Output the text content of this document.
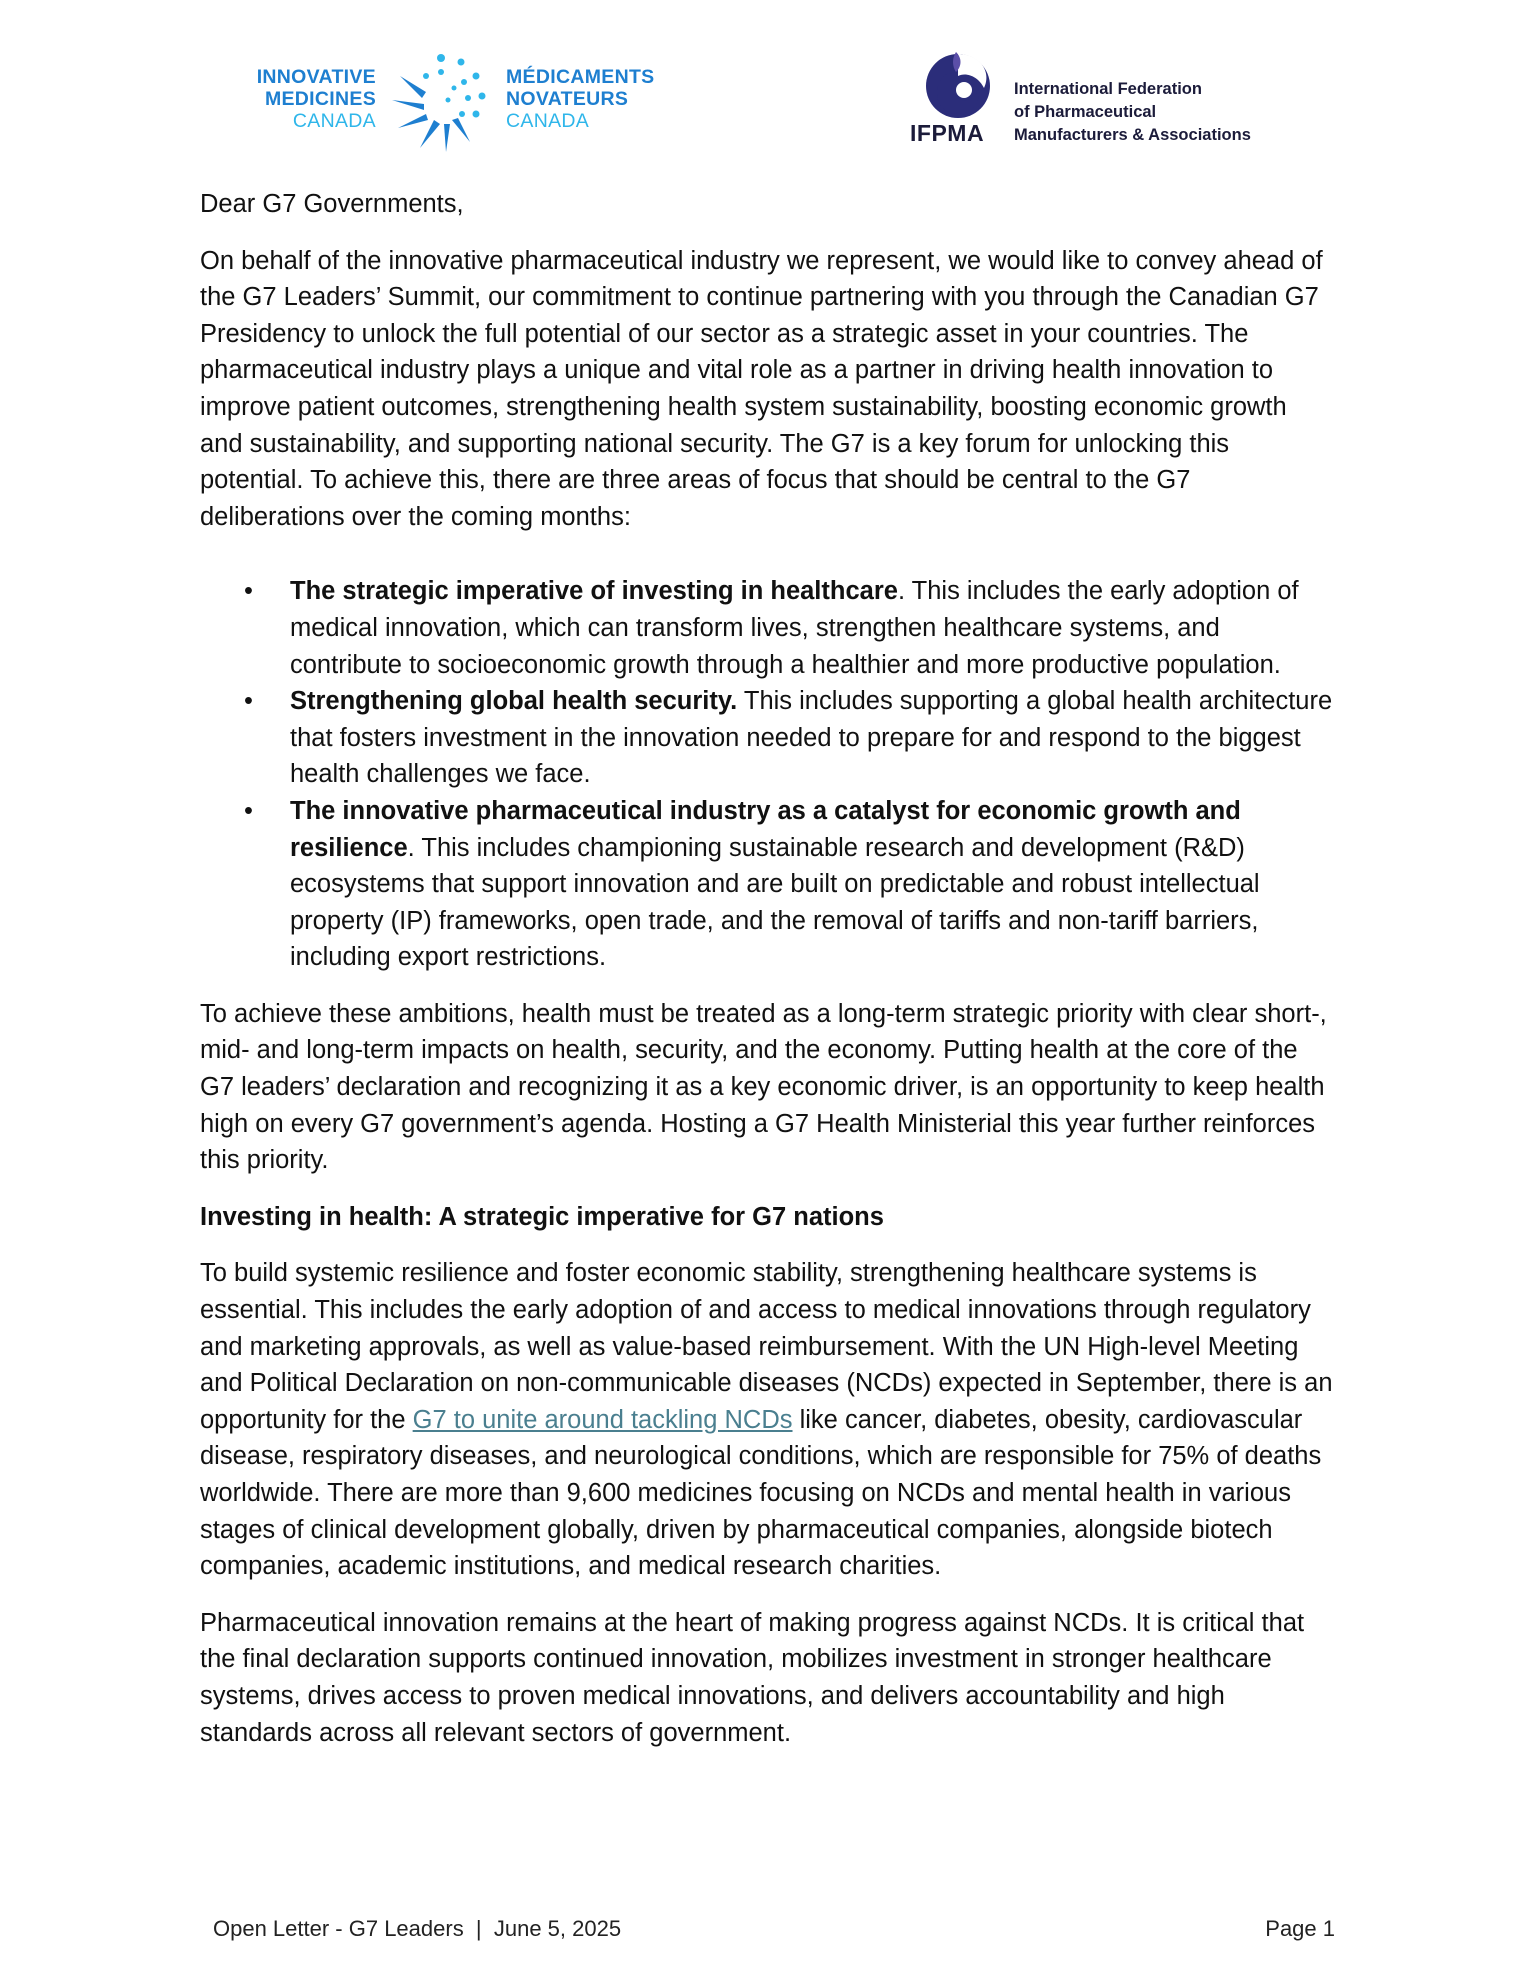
INNOVATIVE
MEDICINES
CANADA
MÉDICAMENTS
NOVATEURS
CANADA	IFPMA
International Federation
of Pharmaceutical
Manufacturers & Associations

Dear G7 Governments,

On behalf of the innovative pharmaceutical industry we represent, we would like to convey ahead of the G7 Leaders’ Summit, our commitment to continue partnering with you through the Canadian G7 Presidency to unlock the full potential of our sector as a strategic asset in your countries. The pharmaceutical industry plays a unique and vital role as a partner in driving health innovation to improve patient outcomes, strengthening health system sustainability, boosting economic growth and sustainability, and supporting national security. The G7 is a key forum for unlocking this potential. To achieve this, there are three areas of focus that should be central to the G7 deliberations over the coming months:

• The strategic imperative of investing in healthcare. This includes the early adoption of medical innovation, which can transform lives, strengthen healthcare systems, and contribute to socioeconomic growth through a healthier and more productive population.
• Strengthening global health security. This includes supporting a global health architecture that fosters investment in the innovation needed to prepare for and respond to the biggest health challenges we face.
• The innovative pharmaceutical industry as a catalyst for economic growth and resilience. This includes championing sustainable research and development (R&D) ecosystems that support innovation and are built on predictable and robust intellectual property (IP) frameworks, open trade, and the removal of tariffs and non-tariff barriers, including export restrictions.

To achieve these ambitions, health must be treated as a long-term strategic priority with clear short-, mid- and long-term impacts on health, security, and the economy. Putting health at the core of the G7 leaders’ declaration and recognizing it as a key economic driver, is an opportunity to keep health high on every G7 government’s agenda. Hosting a G7 Health Ministerial this year further reinforces this priority.

Investing in health: A strategic imperative for G7 nations

To build systemic resilience and foster economic stability, strengthening healthcare systems is essential. This includes the early adoption of and access to medical innovations through regulatory and marketing approvals, as well as value-based reimbursement. With the UN High-level Meeting and Political Declaration on non-communicable diseases (NCDs) expected in September, there is an opportunity for the G7 to unite around tackling NCDs like cancer, diabetes, obesity, cardiovascular disease, respiratory diseases, and neurological conditions, which are responsible for 75% of deaths worldwide. There are more than 9,600 medicines focusing on NCDs and mental health in various stages of clinical development globally, driven by pharmaceutical companies, alongside biotech companies, academic institutions, and medical research charities.

Pharmaceutical innovation remains at the heart of making progress against NCDs. It is critical that the final declaration supports continued innovation, mobilizes investment in stronger healthcare systems, drives access to proven medical innovations, and delivers accountability and high standards across all relevant sectors of government.

Open Letter - G7 Leaders  |  June 5, 2025	Page 1
